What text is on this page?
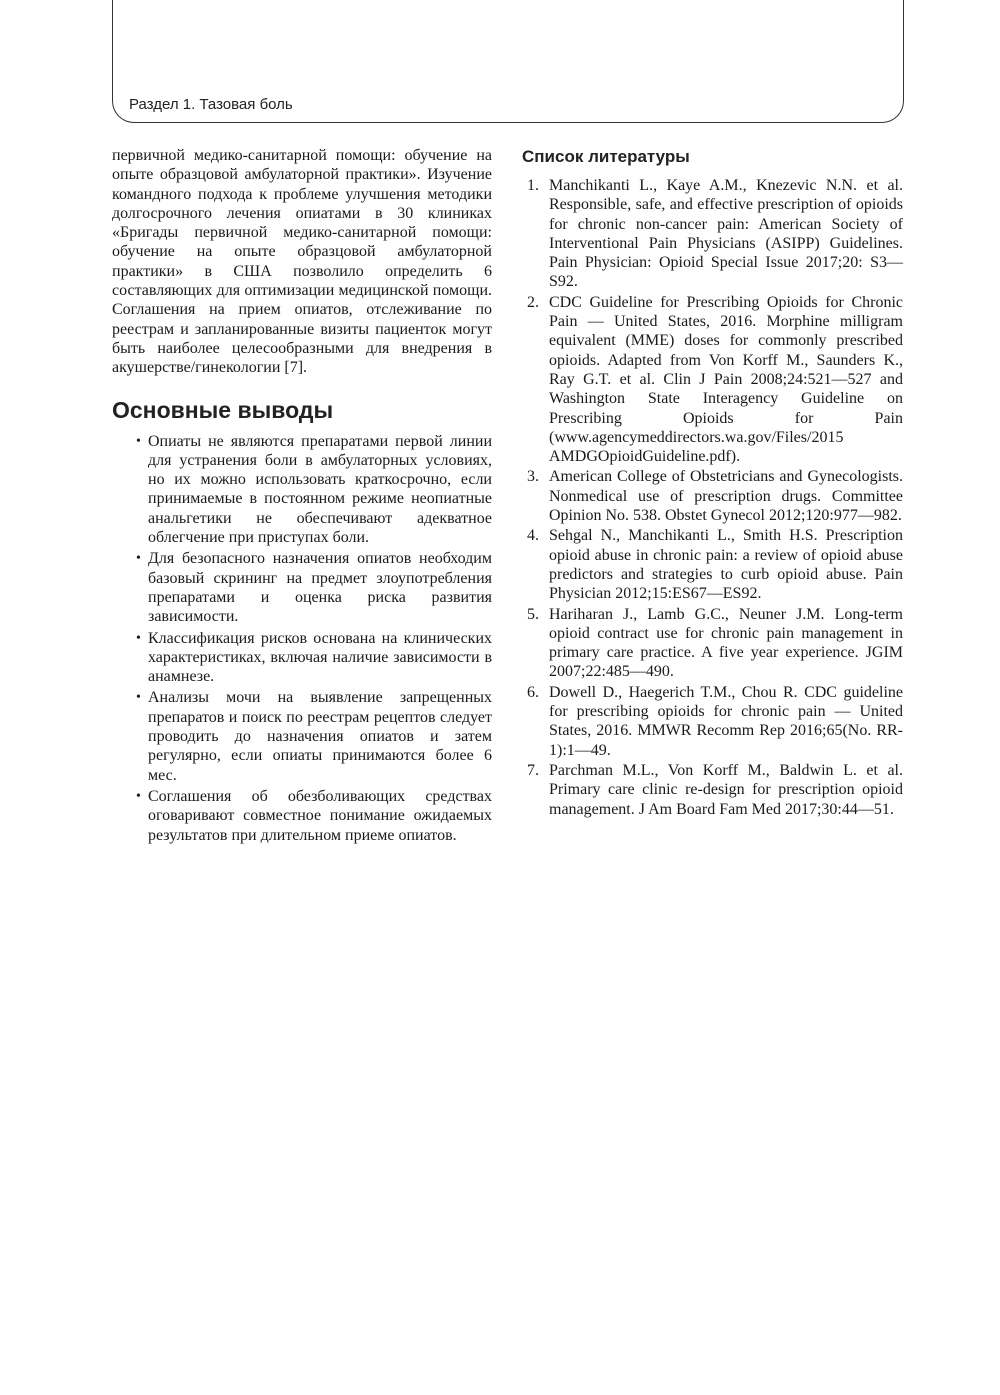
Раздел 1. Тазовая боль

первичной медико-санитарной помощи: обучение на опыте образцовой амбулаторной практики». Изучение командного подхода к проблеме улучшения методики долгосрочного лечения опиатами в 30 клиниках «Бригады первичной медико-санитарной помощи: обучение на опыте образцовой амбулаторной практики» в США позволило определить 6 составляющих для оптимизации медицинской помощи. Соглашения на прием опиатов, отслеживание по реестрам и запланированные визиты пациенток могут быть наиболее целесообразными для внедрения в акушерстве/гинекологии [7].

Основные выводы
• Опиаты не являются препаратами первой линии для устранения боли в амбулаторных условиях, но их можно использовать краткосрочно, если принимаемые в постоянном режиме неопиатные анальгетики не обеспечивают адекватное облегчение при приступах боли.
• Для безопасного назначения опиатов необходим базовый скрининг на предмет злоупотребления препаратами и оценка риска развития зависимости.
• Классификация рисков основана на клинических характеристиках, включая наличие зависимости в анамнезе.
• Анализы мочи на выявление запрещенных препаратов и поиск по реестрам рецептов следует проводить до назначения опиатов и затем регулярно, если опиаты принимаются более 6 мес.
• Соглашения об обезболивающих средствах оговаривают совместное понимание ожидаемых результатов при длительном приеме опиатов.
Список литературы
1. Manchikanti L., Kaye A.M., Knezevic N.N. et al. Responsible, safe, and effective prescription of opioids for chronic non-cancer pain: American Society of Interventional Pain Physicians (ASIPP) Guidelines. Pain Physician: Opioid Special Issue 2017;20: S3—S92.
2. CDC Guideline for Prescribing Opioids for Chronic Pain — United States, 2016. Morphine milligram equivalent (MME) doses for commonly prescribed opioids. Adapted from Von Korff M., Saunders K., Ray G.T. et al. Clin J Pain 2008;24:521—527 and Washington State Interagency Guideline on Prescribing Opioids for Pain (www.agencymeddirectors.wa.gov/Files/2015 AMDGOpioidGuideline.pdf).
3. American College of Obstetricians and Gynecologists. Nonmedical use of prescription drugs. Committee Opinion No. 538. Obstet Gynecol 2012;120:977—982.
4. Sehgal N., Manchikanti L., Smith H.S. Prescription opioid abuse in chronic pain: a review of opioid abuse predictors and strategies to curb opioid abuse. Pain Physician 2012;15:ES67—ES92.
5. Hariharan J., Lamb G.C., Neuner J.M. Long-term opioid contract use for chronic pain management in primary care practice. A five year experience. JGIM 2007;22:485—490.
6. Dowell D., Haegerich T.M., Chou R. CDC guideline for prescribing opioids for chronic pain — United States, 2016. MMWR Recomm Rep 2016;65(No. RR-1):1—49.
7. Parchman M.L., Von Korff M., Baldwin L. et al. Primary care clinic re-design for prescription opioid management. J Am Board Fam Med 2017;30:44—51.
